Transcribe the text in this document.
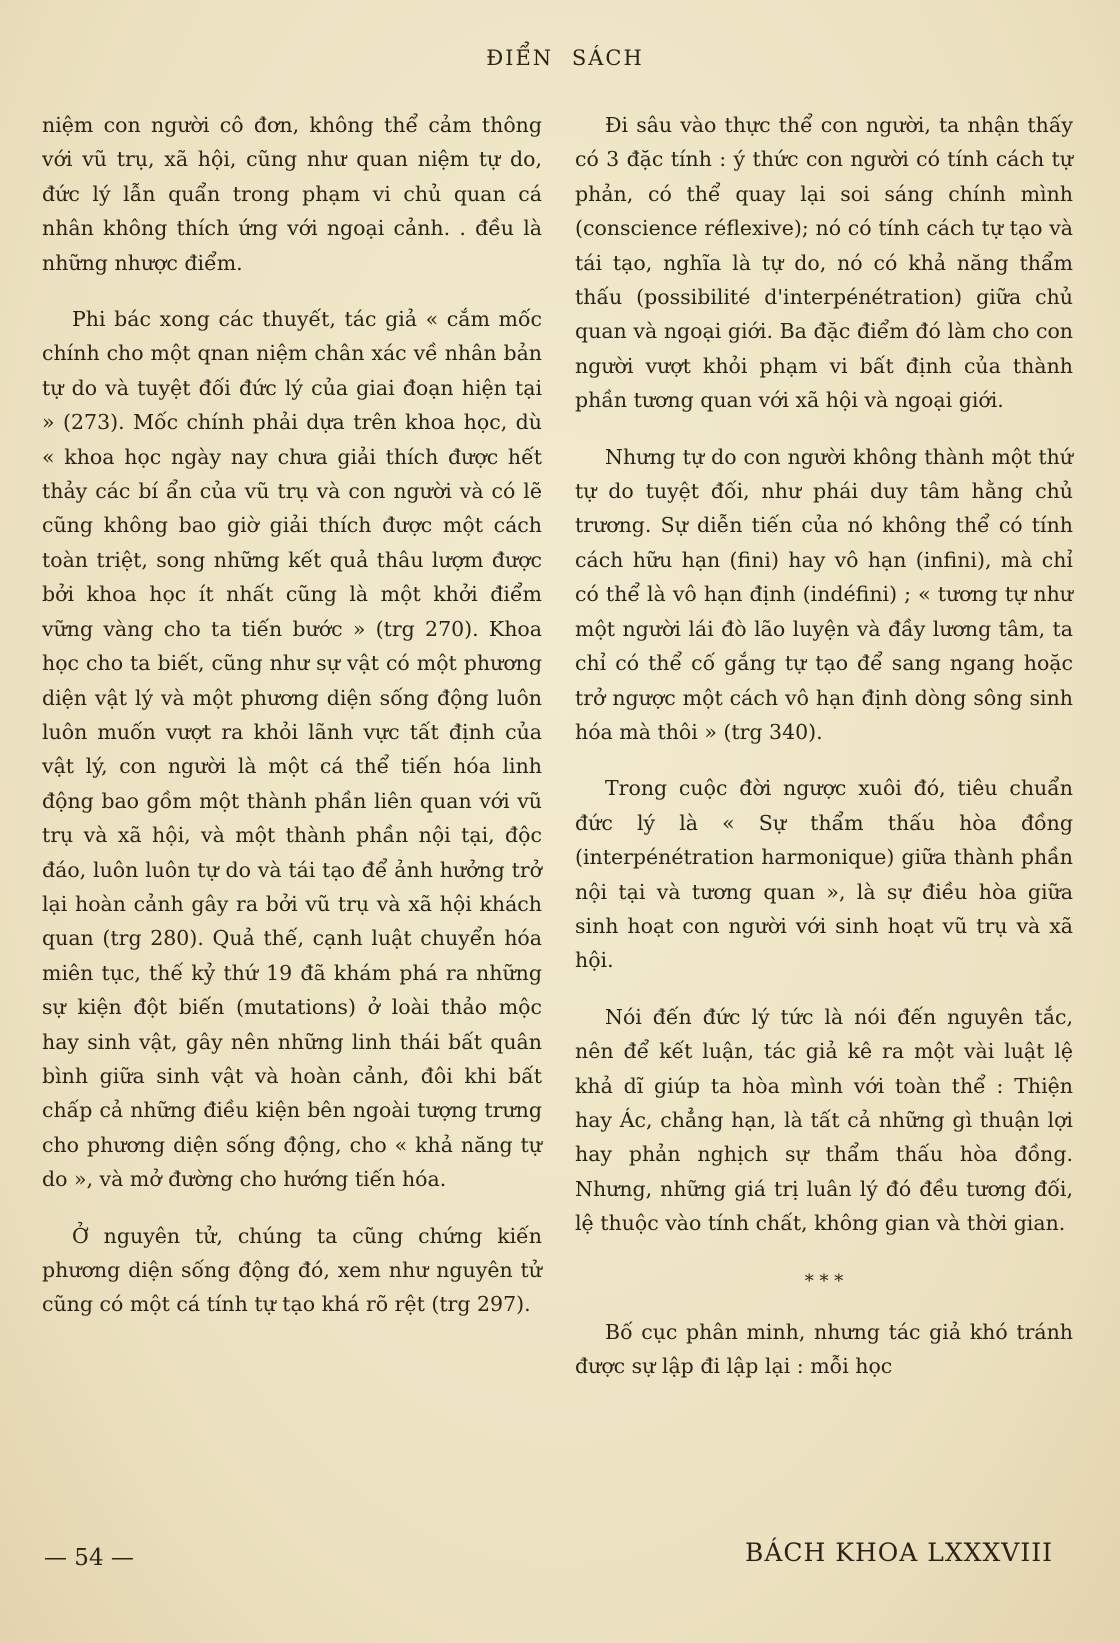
ĐIỂN SÁCH

niệm con người cô đơn, không thể cảm thông với vũ trụ, xã hội, cũng như quan niệm tự do, đức lý lẫn quẩn trong phạm vi chủ quan cá nhân không thích ứng với ngoại cảnh. . đều là những nhược điểm.

Phi bác xong các thuyết, tác giả « cắm mốc chính cho một qnan niệm chân xác về nhân bản tự do và tuyệt đối đức lý của giai đoạn hiện tại » (273). Mốc chính phải dựa trên khoa học, dù « khoa học ngày nay chưa giải thích được hết thảy các bí ẩn của vũ trụ và con người và có lẽ cũng không bao giờ giải thích được một cách toàn triệt, song những kết quả thâu lượm được bởi khoa học ít nhất cũng là một khởi điểm vững vàng cho ta tiến bước » (trg 270). Khoa học cho ta biết, cũng như sự vật có một phương diện vật lý và một phương diện sống động luôn luôn muốn vượt ra khỏi lãnh vực tất định của vật lý, con người là một cá thể tiến hóa linh động bao gồm một thành phần liên quan với vũ trụ và xã hội, và một thành phần nội tại, độc đáo, luôn luôn tự do và tái tạo để ảnh hưởng trở lại hoàn cảnh gây ra bởi vũ trụ và xã hội khách quan (trg 280). Quả thế, cạnh luật chuyển hóa miên tục, thế kỷ thứ 19 đã khám phá ra những sự kiện đột biến (mutations) ở loài thảo mộc hay sinh vật, gây nên những linh thái bất quân bình giữa sinh vật và hoàn cảnh, đôi khi bất chấp cả những điều kiện bên ngoài tượng trưng cho phương diện sống động, cho « khả năng tự do », và mở đường cho hướng tiến hóa.

Ở nguyên tử, chúng ta cũng chứng kiến phương diện sống động đó, xem như nguyên tử cũng có một cá tính tự tạo khá rõ rệt (trg 297).

Đi sâu vào thực thể con người, ta nhận thấy có 3 đặc tính : ý thức con người có tính cách tự phản, có thể quay lại soi sáng chính mình (conscience réflexive); nó có tính cách tự tạo và tái tạo, nghĩa là tự do, nó có khả năng thẩm thấu (possibilité d'interpénétration) giữa chủ quan và ngoại giới. Ba đặc điểm đó làm cho con người vượt khỏi phạm vi bất định của thành phần tương quan với xã hội và ngoại giới.

Nhưng tự do con người không thành một thứ tự do tuyệt đối, như phái duy tâm hằng chủ trương. Sự diễn tiến của nó không thể có tính cách hữu hạn (fini) hay vô hạn (infini), mà chỉ có thể là vô hạn định (indéfini) ; « tương tự như một người lái đò lão luyện và đầy lương tâm, ta chỉ có thể cố gắng tự tạo để sang ngang hoặc trở ngược một cách vô hạn định dòng sông sinh hóa mà thôi » (trg 340).

Trong cuộc đời ngược xuôi đó, tiêu chuẩn đức lý là « Sự thẩm thấu hòa đồng (interpénétration harmonique) giữa thành phần nội tại và tương quan », là sự điều hòa giữa sinh hoạt con người với sinh hoạt vũ trụ và xã hội.

Nói đến đức lý tức là nói đến nguyên tắc, nên để kết luận, tác giả kê ra một vài luật lệ khả dĩ giúp ta hòa mình với toàn thể : Thiện hay Ác, chẳng hạn, là tất cả những gì thuận lợi hay phản nghịch sự thẩm thấu hòa đồng. Nhưng, những giá trị luân lý đó đều tương đối, lệ thuộc vào tính chất, không gian và thời gian.

* * *

Bố cục phân minh, nhưng tác giả khó tránh được sự lập đi lập lại : mỗi học

— 54 —	BÁCH KHOA LXXXVIII
